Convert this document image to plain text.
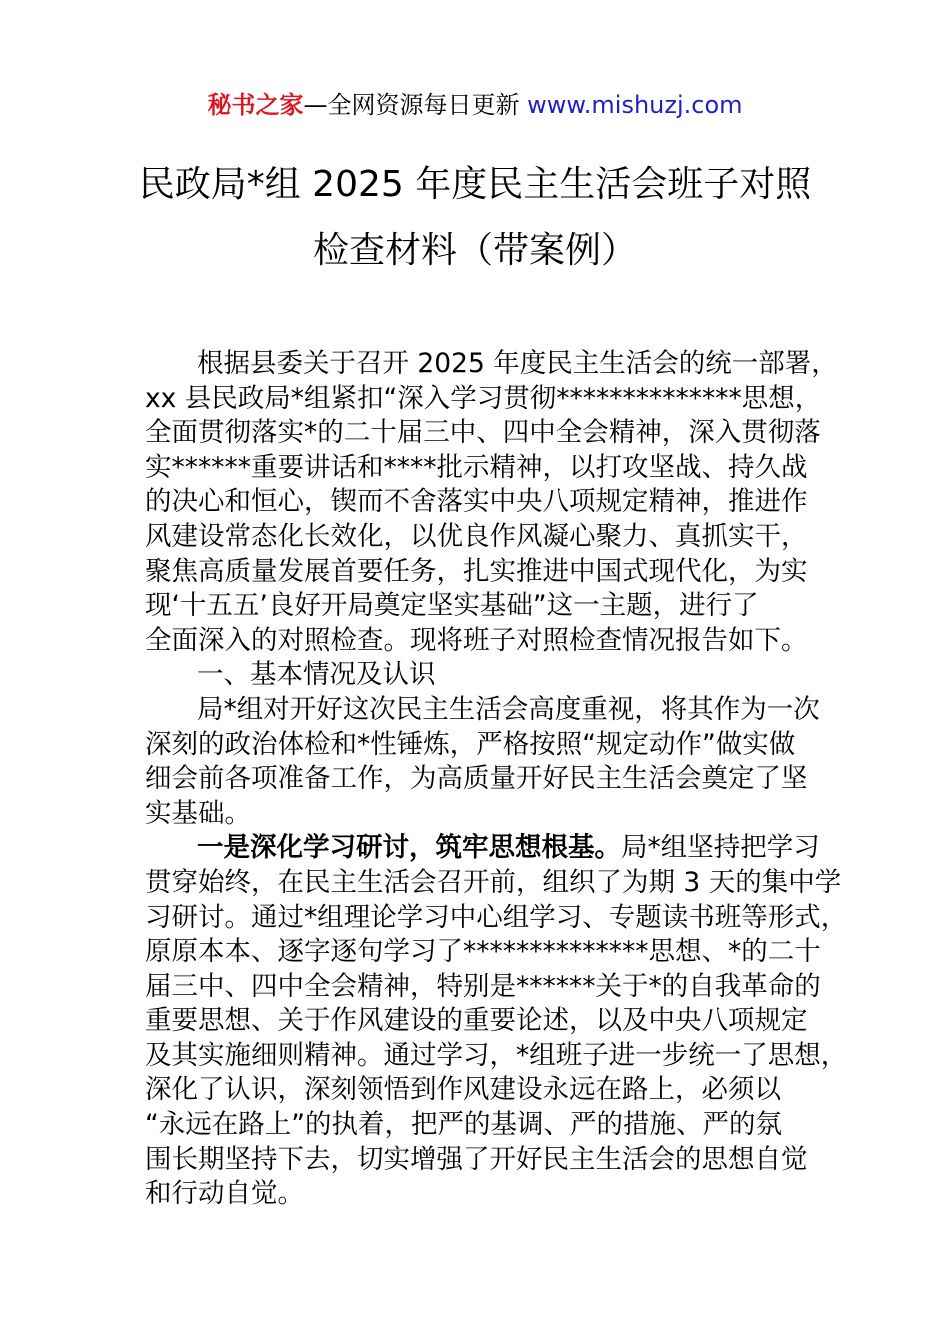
秘书之家—全网资源每日更新 www.mishuzj.com
民政局*组 2025 年度民主生活会班子对照
检查材料（带案例）
根据县委关于召开 2025 年度民主生活会的统一部署，
xx 县民政局*组紧扣“深入学习贯彻**************思想，
全面贯彻落实*的二十届三中、四中全会精神，深入贯彻落
实******重要讲话和****批示精神，以打攻坚战、持久战
的决心和恒心，锲而不舍落实中央八项规定精神，推进作
风建设常态化长效化，以优良作风凝心聚力、真抓实干，
聚焦高质量发展首要任务，扎实推进中国式现代化，为实
现‘十五五’良好开局奠定坚实基础”这一主题，进行了
全面深入的对照检查。现将班子对照检查情况报告如下。
一、基本情况及认识
局*组对开好这次民主生活会高度重视，将其作为一次
深刻的政治体检和*性锤炼，严格按照“规定动作”做实做
细会前各项准备工作，为高质量开好民主生活会奠定了坚
实基础。
一是深化学习研讨，筑牢思想根基。局*组坚持把学习
贯穿始终，在民主生活会召开前，组织了为期 3 天的集中学
习研讨。通过*组理论学习中心组学习、专题读书班等形式，
原原本本、逐字逐句学习了**************思想、*的二十
届三中、四中全会精神，特别是******关于*的自我革命的
重要思想、关于作风建设的重要论述，以及中央八项规定
及其实施细则精神。通过学习，*组班子进一步统一了思想，
深化了认识，深刻领悟到作风建设永远在路上，必须以
“永远在路上”的执着，把严的基调、严的措施、严的氛
围长期坚持下去，切实增强了开好民主生活会的思想自觉
和行动自觉。
